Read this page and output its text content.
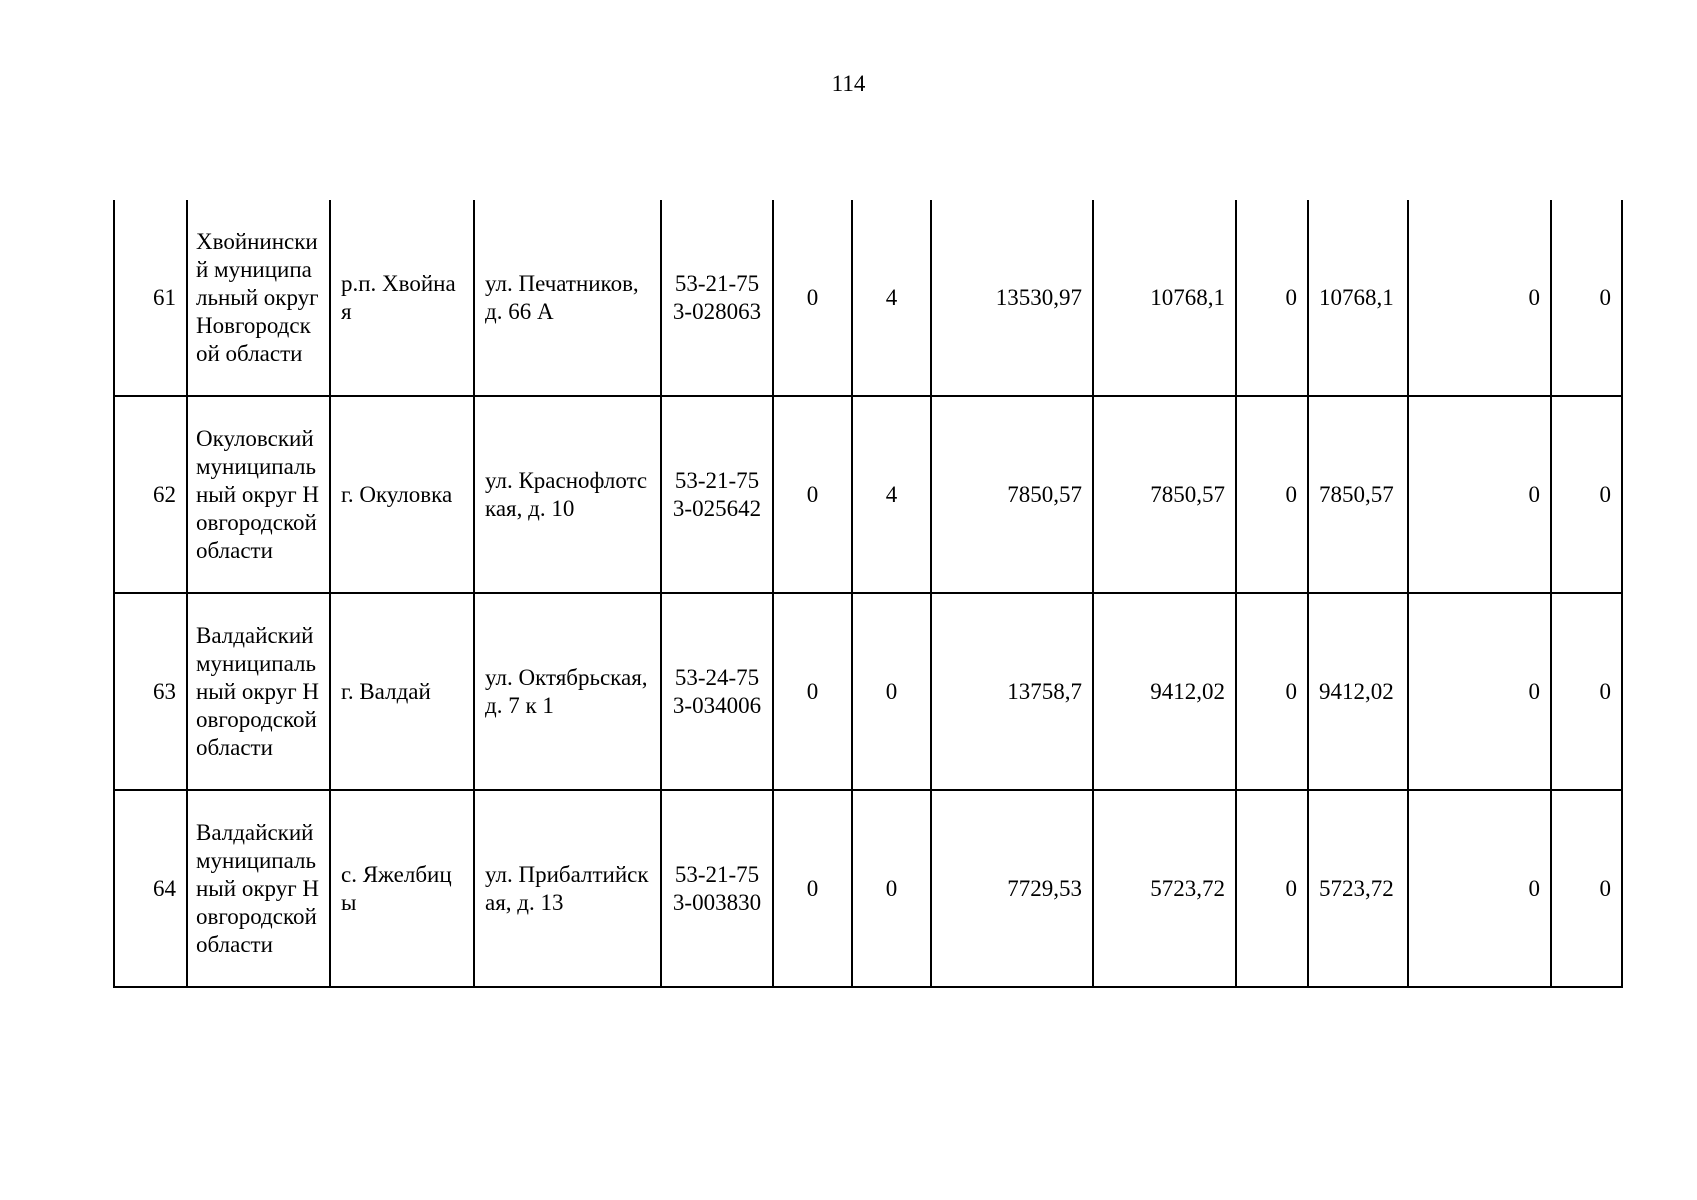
114
61	Хвойнинский муниципальный округ Новгородской области	р.п. Хвойная	ул. Печатников, д. 66 А	53-21-753-028063	0	4	13530,97	10768,1	0	10768,1	0	0
62	Окуловский муниципальный округ Новгородской области	г. Окуловка	ул. Краснофлотская, д. 10	53-21-753-025642	0	4	7850,57	7850,57	0	7850,57	0	0
63	Валдайский муниципальный округ Новгородской области	г. Валдай	ул. Октябрьская, д. 7 к 1	53-24-753-034006	0	0	13758,7	9412,02	0	9412,02	0	0
64	Валдайский муниципальный округ Новгородской области	с. Яжелбицы	ул. Прибалтийская, д. 13	53-21-753-003830	0	0	7729,53	5723,72	0	5723,72	0	0
